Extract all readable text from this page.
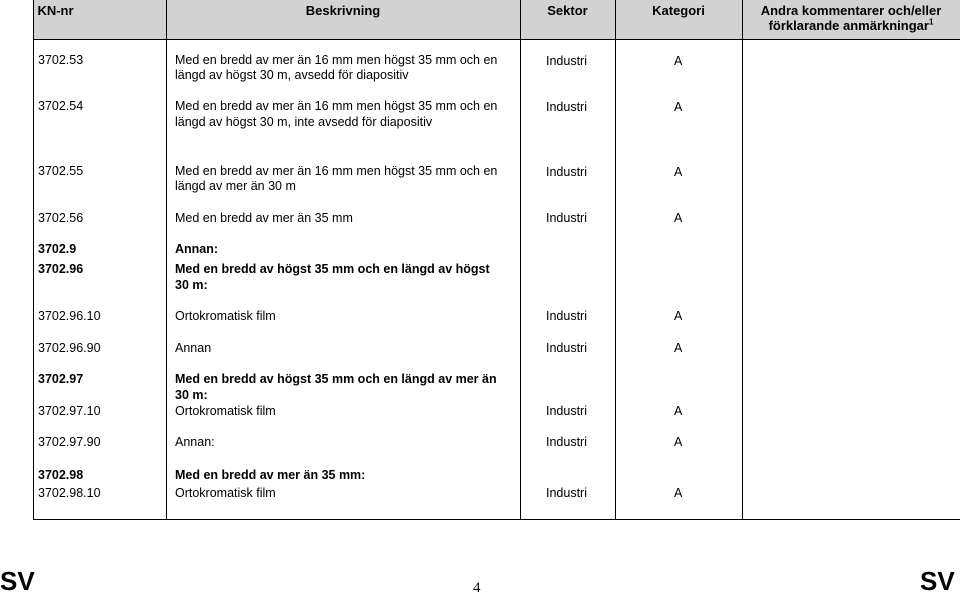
KN-nr	Beskrivning	Sektor	Kategori	Andra kommentarer och/eller
förklarande anmärkningar$^1$
3702.53	Med en bredd av mer än 16 mm men högst 35 mm och en
längd av högst 30 m, avsedd för diapositiv
Industri	A
3702.54	Med en bredd av mer än 16 mm men högst 35 mm och en
längd av högst 30 m, inte avsedd för diapositiv
Industri	A
3702.55	Med en bredd av mer än 16 mm men högst 35 mm och en
längd av mer än 30 m
Industri	A
3702.56	Med en bredd av mer än 35 mm	Industri	A
3702.9	Annan:
3702.96	Med en bredd av högst 35 mm och en längd av högst
30 m:
3702.96.10	Ortokromatisk film	Industri	A
3702.96.90	Annan	Industri	A
3702.97	Med en bredd av högst 35 mm och en längd av mer än
30 m:
3702.97.10	Ortokromatisk film	Industri	A
3702.97.90	Annan:	Industri	A
3702.98	Med en bredd av mer än 35 mm:
3702.98.10	Ortokromatisk film	Industri	A
SV	4	SV
